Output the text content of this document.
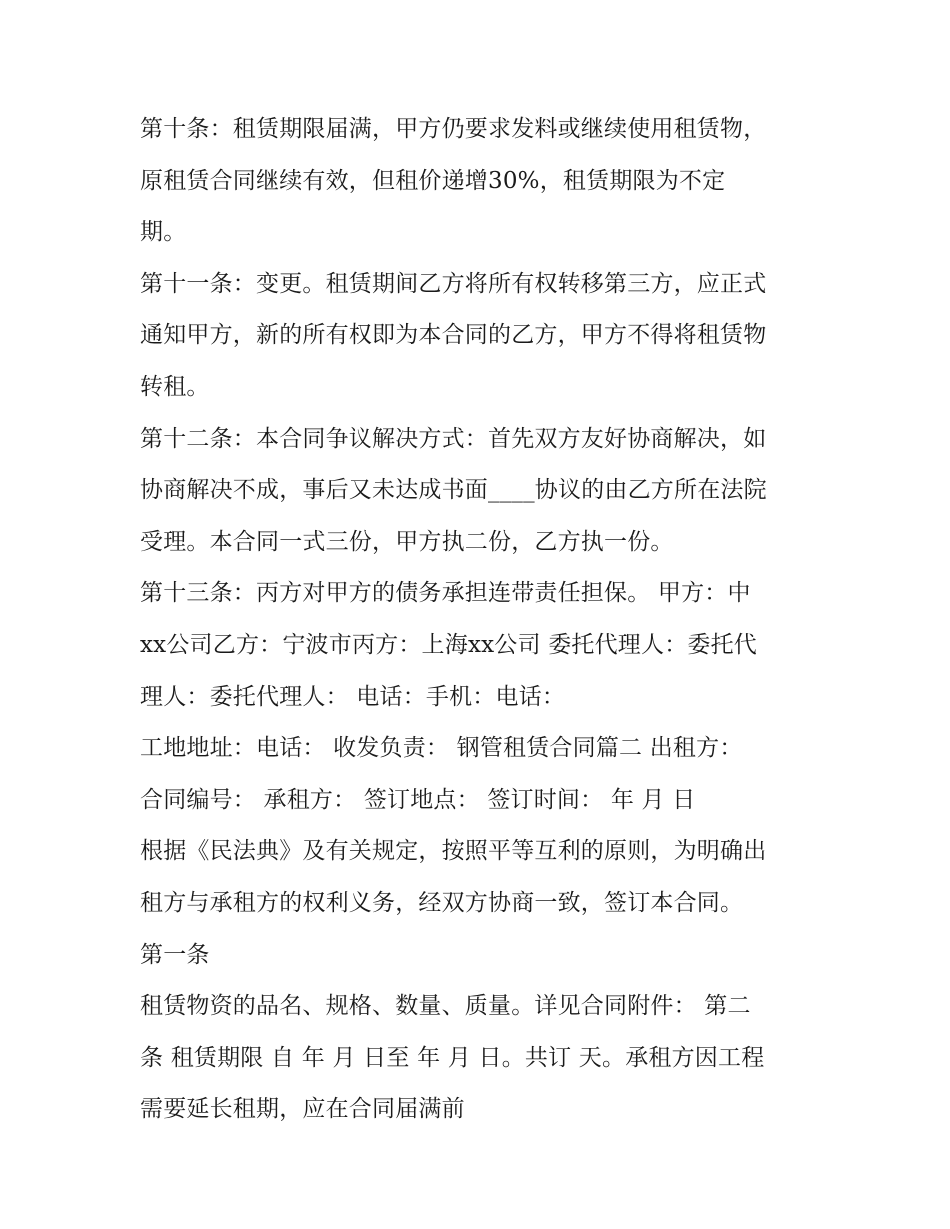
第十条：租赁期限届满，甲方仍要求发料或继续使用租赁物，
原租赁合同继续有效，但租价递增30%，租赁期限为不定
期。
第十一条：变更。租赁期间乙方将所有权转移第三方，应正式
通知甲方，新的所有权即为本合同的乙方，甲方不得将租赁物
转租。
第十二条：本合同争议解决方式：首先双方友好协商解决，如
协商解决不成，事后又未达成书面____协议的由乙方所在法院
受理。本合同一式三份，甲方执二份，乙方执一份。
第十三条：丙方对甲方的债务承担连带责任担保。 甲方：中
xx公司乙方：宁波市丙方：上海xx公司 委托代理人：委托代
理人：委托代理人： 电话：手机：电话：
工地地址：电话： 收发负责： 钢管租赁合同篇二 出租方：
合同编号： 承租方： 签订地点： 签订时间： 年 月 日
根据《民法典》及有关规定，按照平等互利的原则，为明确出
租方与承租方的权利义务，经双方协商一致，签订本合同。
第一条
租赁物资的品名、规格、数量、质量。详见合同附件： 第二
条 租赁期限 自 年 月 日至 年 月 日。共订 天。承租方因工程
需要延长租期，应在合同届满前
